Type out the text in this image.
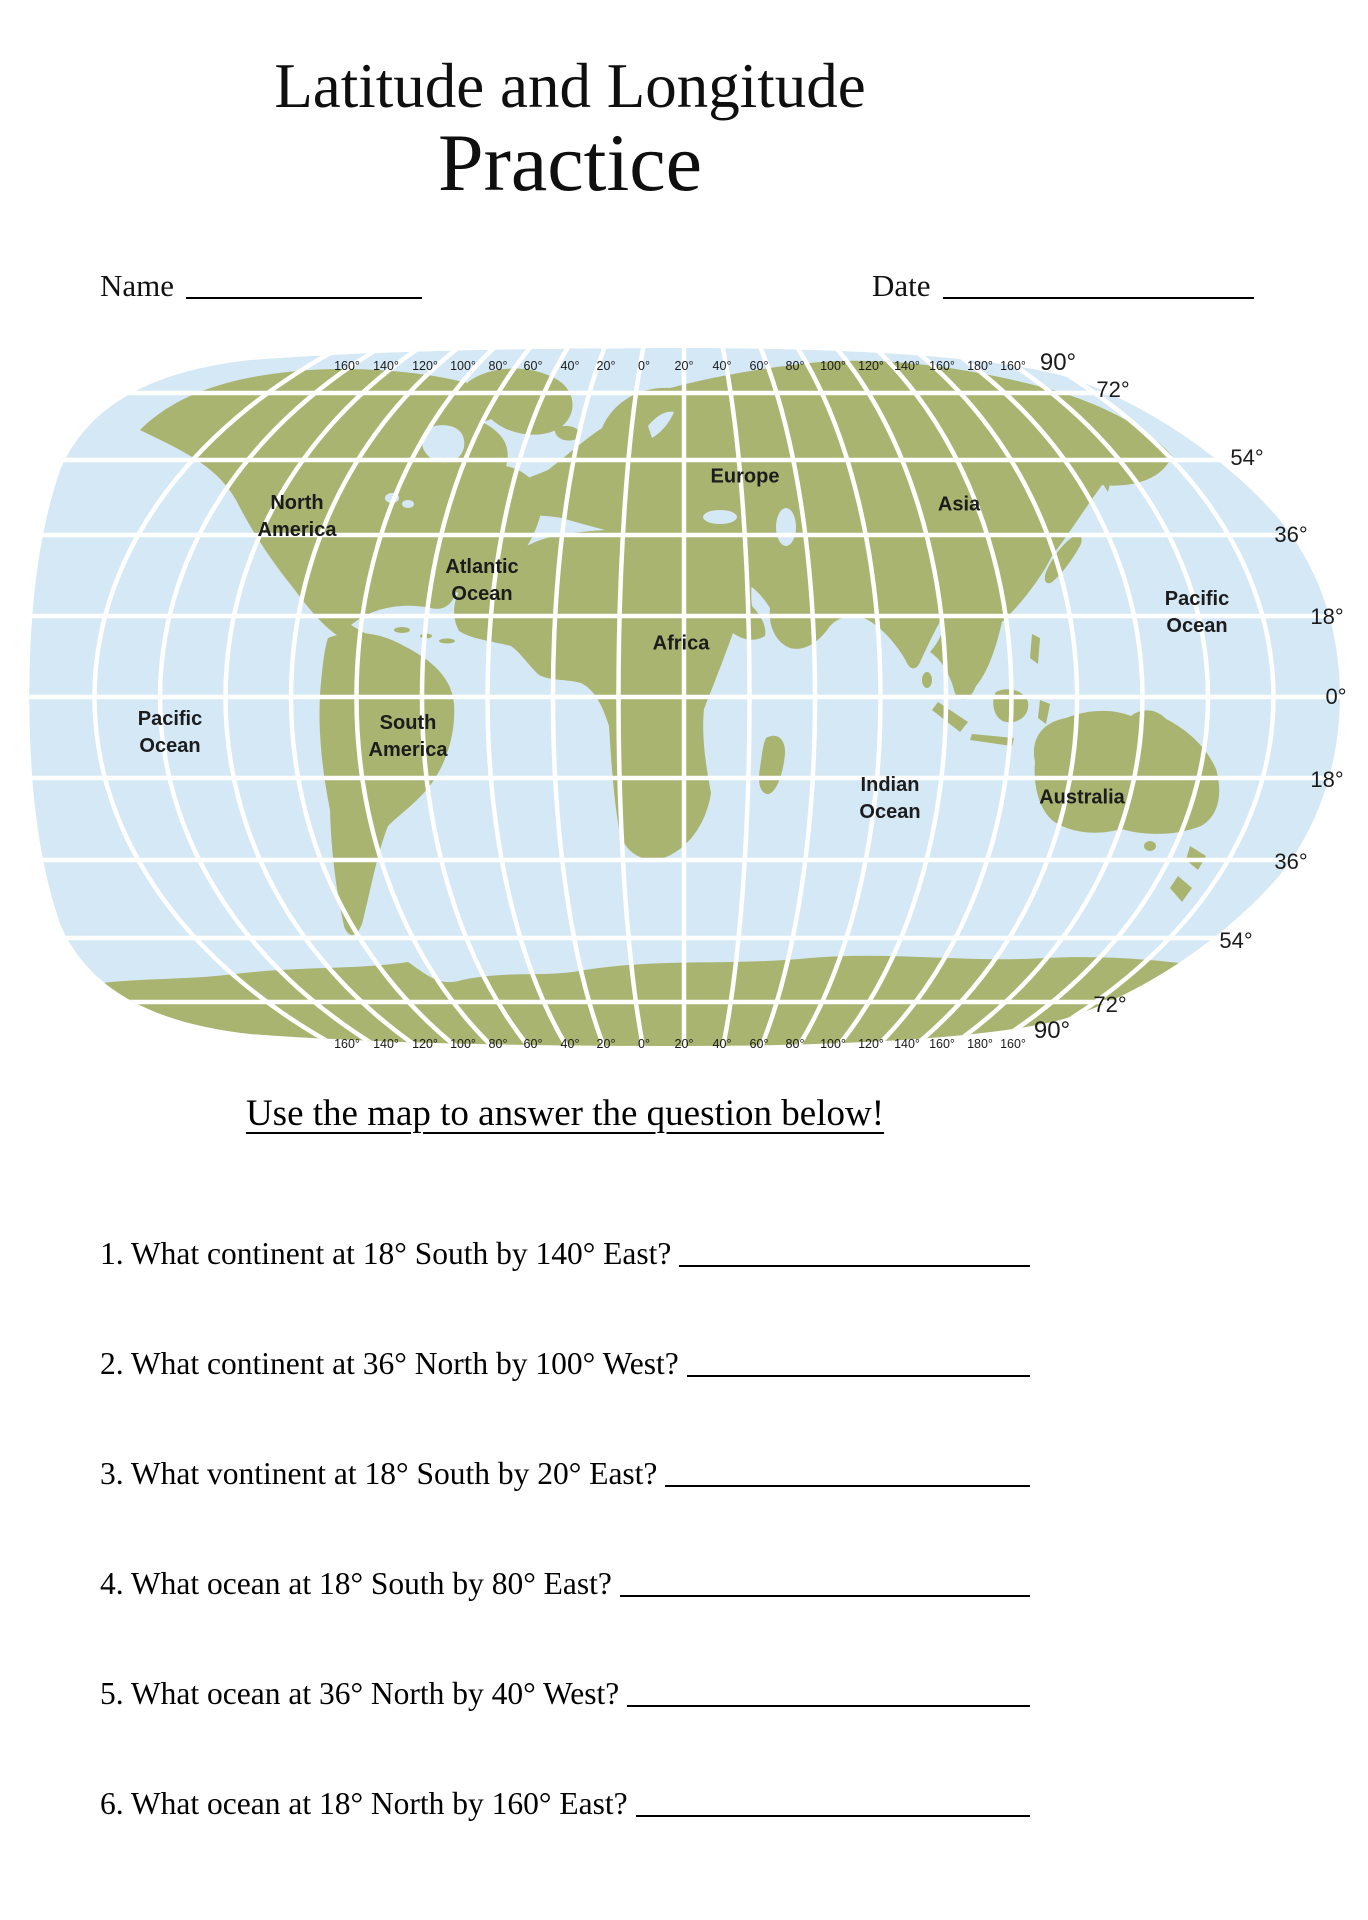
Latitude and Longitude
Practice
Name	Date
North
America
Atlantic
Ocean
Pacific
Ocean
South
America
Europe
Africa
Asia
Pacific
Ocean
Indian
Ocean
Australia
Use the map to answer the question below!
1. What continent at 18° South by 140° East?
2. What continent at 36° North by 100° West?
3. What vontinent at 18° South by 20° East?
4. What ocean at 18° South by 80° East?
5. What ocean at 36° North by 40° West?
6. What ocean at 18° North by 160° East?
160° 140° 120° 100° 80° 60° 40° 20° 0° 20° 40° 60° 80° 100° 120° 140° 160° 180° 160°
160° 140° 120° 100° 80° 60° 40° 20° 0° 20° 40° 60° 80° 100° 120° 140° 160° 180° 160°
90°
72°
54°
36°
18°
0°
18°
36°
54°
72°
90°
